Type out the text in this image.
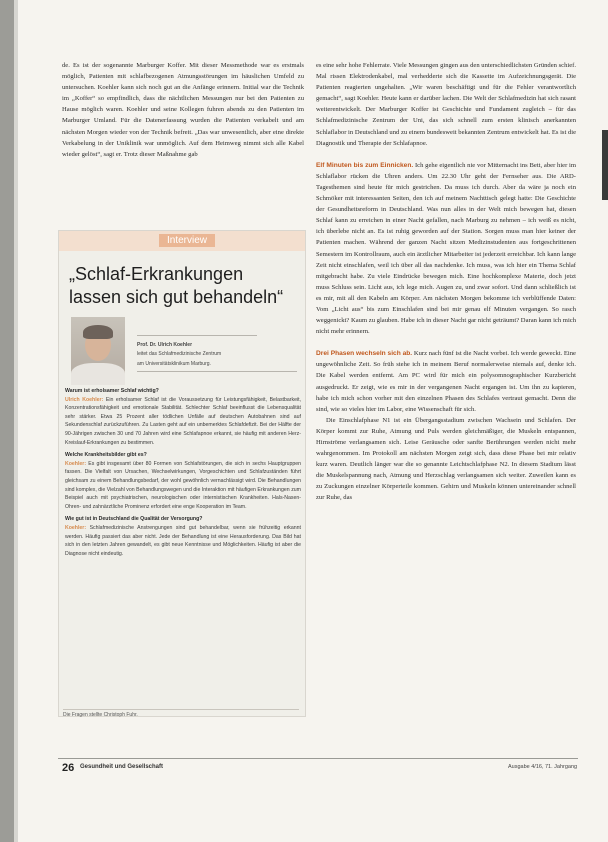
de. Es ist der sogenannte Marburger Koffer. Mit dieser Messmethode war es erstmals möglich, Patienten mit schlafbezogenen Atmungsstörungen im häuslichen Umfeld zu untersuchen. Koehler kann sich noch gut an die Anfänge erinnern. Initial war die Technik im „Koffer“ so empfindlich, dass die nächtlichen Messungen nur bei den Patienten zu Hause möglich waren. Koehler und seine Kollegen fuhren abends zu den Patienten im Marburger Umland. Für die Datenerfassung wurden die Patienten verkabelt und am nächsten Morgen wieder von der Technik befreit. „Das war unwesentlich, aber eine direkte Verkabelung in der Uniklinik war unmöglich. Auf dem Heimweg nimmt sich alle Kabel wieder gelöst“, sagt er. Trotz dieser Maßnahme gab

Interview
„Schlaf-Erkrankungen lassen sich gut behandeln“
Prof. Dr. Ulrich Koehler
leitet das Schlafmedizinische Zentrum
am Universitätsklinikum Marburg.

Warum ist erholsamer Schlaf wichtig?

Ulrich Koehler: Ein erholsamer Schlaf ist die Voraussetzung für Leistungsfähigkeit, Belastbarkeit, Konzentrationsfähigkeit und emotionale Stabilität. Schlechter Schlaf beeinflusst die Lebensqualität sehr stärker. Etwa 25 Prozent aller tödlichen Unfälle auf deutschen Autobahnen sind auf Sekundenschlaf zurückzuführen. Zu Lasten geht auf ein unbemerktes Schlafdefizit. Bei der Hälfte der 90-Jährigen zwischen 30 und 70 Jahren wird eine Schlafapnoe erkannt, sie häufig mit anderen Herz-Kreislauf-Erkrankungen zu bestimmen.

Welche Krankheitsbilder gibt es?

Koehler: Es gibt insgesamt über 80 Formen von Schlafstörungen, die sich in sechs Hauptgruppen fassen. Die Vielfalt von Ursachen, Wechselwirkungen, Vorgeschichten und Schlafzuständen führt gleichsam zu einem Behandlungsbedarf, der wohl gewöhnlich vernachlässigt wird. Die Behandlungen sind komplex, die Vielzahl von Behandlungswegen und die Interaktion mit häufigen Erkrankungen zum Beispiel auch mit psychiatrischen, neurologischen oder internistischen Krankheiten. Hals-Nasen-Ohren- und zahnärztliche Prominenz erfordert eine enge Kooperation im Team.

Wie gut ist in Deutschland die Qualität der Versorgung?

Koehler: Schlafmedizinische Anstrengungen sind gut behandelbar, wenn sie frühzeitig erkannt werden. Häufig passiert das aber nicht. Jede der Behandlung ist eine Herausforderung. Das Bild hat sich in den letzten Jahren gewandelt, es gibt neue Kenntnisse und Möglichkeiten. Häufig ist aber die Diagnose nicht eindeutig.

Die Fragen stellte Christoph Fuhr.

es eine sehr hohe Fehlerrate. Viele Messungen gingen aus den unterschiedlichsten Gründen schief. Mal rissen Elektrodenkabel, mal verhedderte sich die Kassette im Aufzeichnungsgerät. Die Patienten reagierten ungehalten. „Wir waren beschäftigt und für die Fehler verantwortlich gemacht“, sagt Koehler. Heute kann er darüber lachen. Die Welt der Schlafmedizin hat sich rasant weiterentwickelt. Der Marburger Koffer ist Geschichte und Fundament zugleich – für das Schlafmedizinische Zentrum der Uni, das sich schnell zum ersten klinisch anerkannten Schlaflabor in Deutschland und zu einem bundesweit bekannten Zentrum entwickelt hat. Es ist die Diagnostik und Therapie der Schlafapnoe.

Elf Minuten bis zum Einnicken. Ich gehe eigentlich nie vor Mitternacht ins Bett, aber hier im Schlaflabor rücken die Uhren anders. Um 22.30 Uhr geht der Fernseher aus. Die ARD-Tagesthemen sind heute für mich gestrichen. Da muss ich durch. Aber da wäre ja noch ein Schmöker mit interessanten Seiten, den ich auf meinem Nachttisch gelegt hatte: Die Geschichte der Gesundheitsreform in Deutschland. Was nun alles in der Welt mich bewegen hat, diesen Schlaf kann zu erreichen in einer Nacht gefallen, nach Marburg zu nehmen – ich weiß es nicht, ich überlebe nicht an. Es ist ruhig geworden auf der Station. Sorgen muss man hier keiner der Patienten machen. Während der ganzen Nacht sitzen Medizinstudenten aus fortgeschrittenen Semestern im Kontrollraum, auch ein ärztlicher Mitarbeiter ist jederzeit erreichbar. Ich kann lange Zeit nicht einschlafen, weil ich über all das nachdenke. Ich muss, was ich hier ein Thema Schlaf mitgebracht habe. Zu viele Eindrücke bewegen mich. Eine hochkomplexe Materie, doch jetzt muss Schluss sein. Licht aus, ich lege mich. Augen zu, und zwar sofort. Und dann schließlich ist es mir, mit all den Kabeln am Körper. Am nächsten Morgen bekomme ich verblüffende Daten: Vom „Licht aus“ bis zum Einschlafen sind bei mir genau elf Minuten vergangen. So rasch weggenickt? Kaum zu glauben. Habe ich in dieser Nacht gar nicht geträumt? Daran kann ich mich nicht mehr erinnern.

Drei Phasen wechseln sich ab. Kurz nach fünf ist die Nacht vorbei. Ich werde geweckt. Eine ungewöhnliche Zeit. So früh stehe ich in meinem Beruf normalerweise niemals auf, denke ich. Die Kabel werden entfernt. Am PC wird für mich ein polysomnographischer Kurzbericht ausgedruckt. Er zeigt, wie es mir in der vergangenen Nacht ergangen ist. Um ihn zu kapieren, habe ich mich schon vorher mit den einzelnen Phasen des Schlafes vertraut gemacht. Denn die sind, wie so vieles hier im Labor, eine Wissenschaft für sich.

Die Einschlafphase N1 ist ein Übergangsstadium zwischen Wachsein und Schlafen. Der Körper kommt zur Ruhe, Atmung und Puls werden gleichmäßiger, die Muskeln entspannen, Hirnströme verlangsamen sich. Leise Geräusche oder sanfte Berührungen werden nicht mehr wahrgenommen. Im Protokoll am nächsten Morgen zeigt sich, dass diese Phase bei mir relativ kurz waren. Deutlich länger war die so genannte Leichtschlafphase N2. In diesem Stadium lässt die Muskelspannung nach, Atmung und Herzschlag verlangsamen sich weiter. Zuweilen kann es zu Zuckungen einzelner Körperteile kommen. Gehirn und Muskeln können untereinander schnell zur Ruhe, das

26 Gesundheit und Gesellschaft	Ausgabe 4/16, 71. Jahrgang
